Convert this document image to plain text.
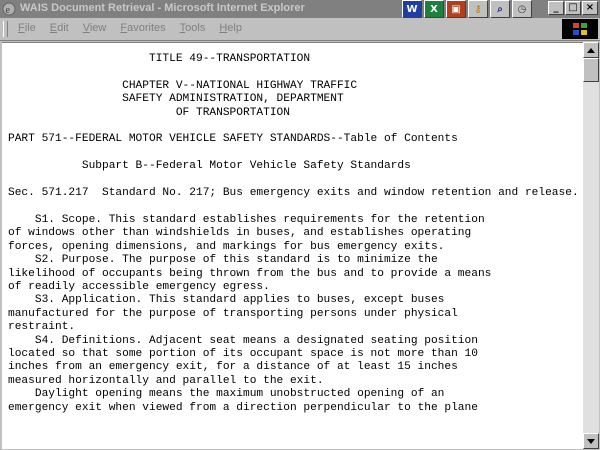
e WAIS Document Retrieval - Microsoft Internet Explorer	W X ▣ ⚷ ⌕ ◷	_ □ ×
File Edit View Favorites Tools Help
TITLE 49--TRANSPORTATION

CHAPTER V--NATIONAL HIGHWAY TRAFFIC
SAFETY ADMINISTRATION, DEPARTMENT
OF TRANSPORTATION

PART 571--FEDERAL MOTOR VEHICLE SAFETY STANDARDS--Table of Contents

Subpart B--Federal Motor Vehicle Safety Standards

Sec. 571.217  Standard No. 217; Bus emergency exits and window retention and release.

S1. Scope. This standard establishes requirements for the retention
of windows other than windshields in buses, and establishes operating
forces, opening dimensions, and markings for bus emergency exits.
S2. Purpose. The purpose of this standard is to minimize the
likelihood of occupants being thrown from the bus and to provide a means
of readily accessible emergency egress.
S3. Application. This standard applies to buses, except buses
manufactured for the purpose of transporting persons under physical
restraint.
S4. Definitions. Adjacent seat means a designated seating position
located so that some portion of its occupant space is not more than 10
inches from an emergency exit, for a distance of at least 15 inches
measured horizontally and parallel to the exit.
Daylight opening means the maximum unobstructed opening of an
emergency exit when viewed from a direction perpendicular to the plane
